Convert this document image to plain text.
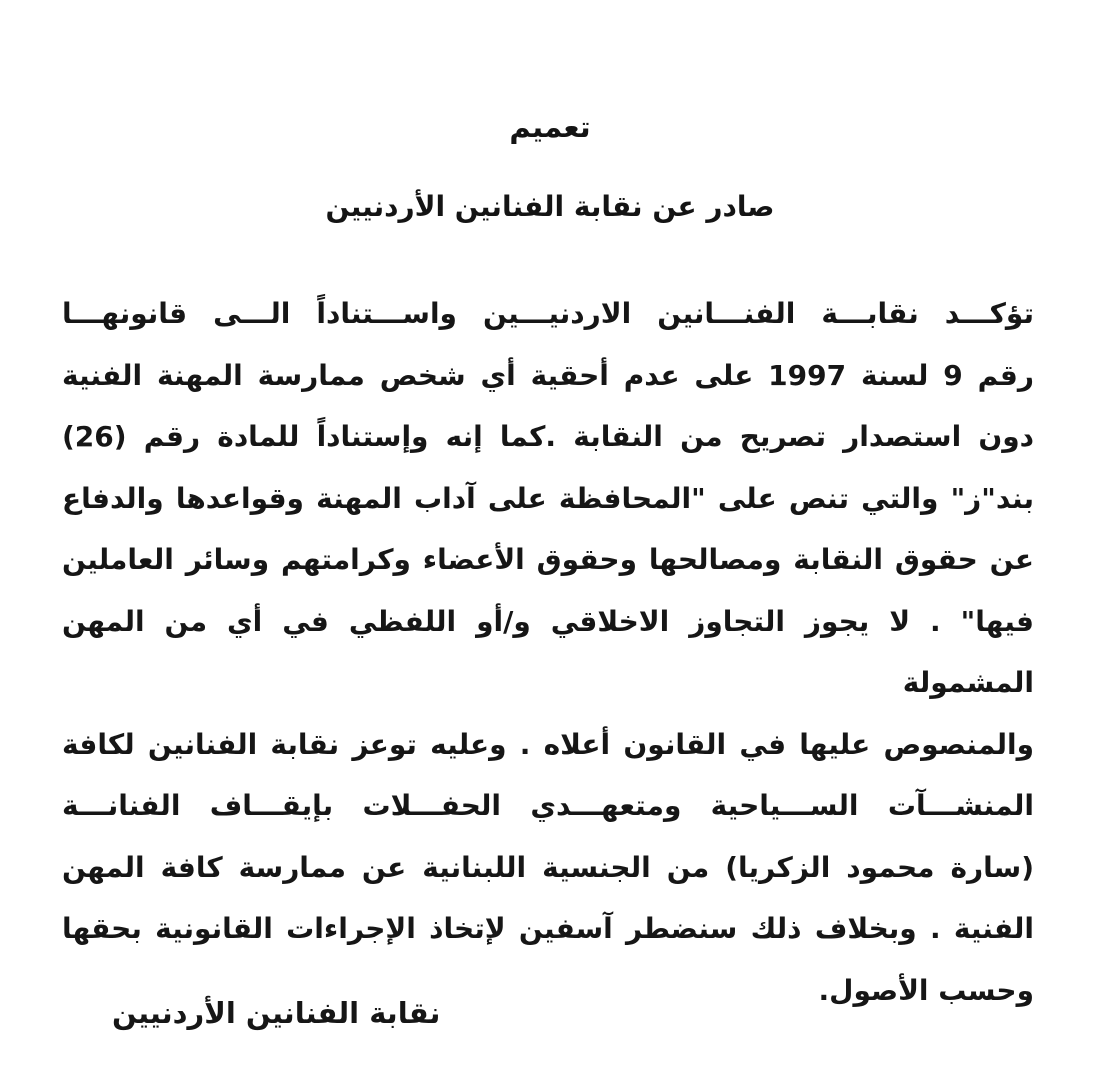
تعميم
صادر عن نقابة الفنانين الأردنيين
تؤكـــد نقابـــة الفنـــانين الاردنيـــين واســـتناداً الـــى قانونهـــا
رقم 9 لسنة 1997 على عدم أحقية أي شخص ممارسة المهنة الفنية
دون استصدار تصريح من النقابة .كما إنه وإستناداً للمادة رقم (26)
بند"ز" والتي تنص على "المحافظة على آداب المهنة وقواعدها والدفاع
عن حقوق النقابة ومصالحها وحقوق الأعضاء وكرامتهم وسائر العاملين
فيها" . لا يجوز التجاوز الاخلاقي و/أو اللفظي في أي من المهن المشمولة
والمنصوص عليها في القانون أعلاه . وعليه توعز نقابة الفنانين لكافة
المنشـــآت الســـياحية ومتعهـــدي الحفـــلات بإيقـــاف الفنانـــة
(سارة محمود الزكريا) من الجنسية اللبنانية عن ممارسة كافة المهن
الفنية . وبخلاف ذلك سنضطر آسفين لإتخاذ الإجراءات القانونية بحقها
وحسب الأصول.
نقابة الفنانين الأردنيين
